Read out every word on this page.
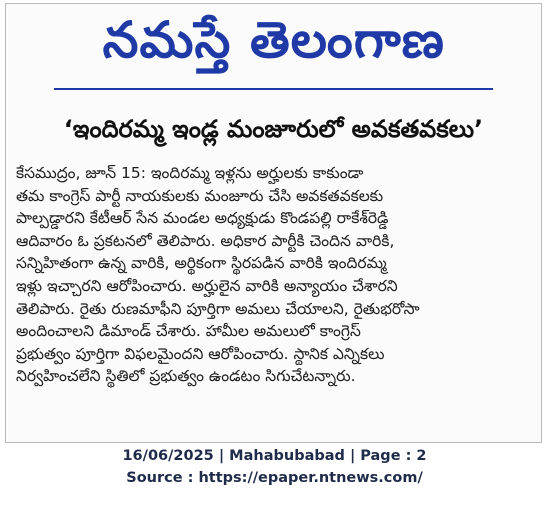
నమస్తే తెలంగాణ
‘ఇందిరమ్మ ఇండ్ల మంజూరులో అవకతవకలు’
కేసముద్రం, జూన్ 15: ఇందిరమ్మ ఇళ్లను అర్హులకు కాకుండా
తమ కాంగ్రెస్ పార్టీ నాయకులకు మంజూరు చేసి అవకతవకలకు
పాల్పడ్డారని కేటీఆర్ సేన మండల అధ్యక్షుడు కొండపల్లి రాకేశ్‌రెడ్డి
ఆదివారం ఓ ప్రకటనలో తెలిపారు. అధికార పార్టీకి చెందిన వారికి,
సన్నిహితంగా ఉన్న వారికి, అర్థికంగా స్థిరపడిన వారికి ఇందిరమ్మ
ఇళ్లు ఇచ్చారని ఆరోపించారు. అర్హులైన వారికి అన్యాయం చేశారని
తెలిపారు. రైతు రుణమాఫీని పూర్తిగా అమలు చేయాలని, రైతుభరోసా
అందించాలని డిమాండ్ చేశారు. హామీల అమలులో కాంగ్రెస్
ప్రభుత్వం పూర్తిగా విఫలమైందని ఆరోపించారు. స్థానిక ఎన్నికలు
నిర్వహించలేని స్థితిలో ప్రభుత్వం ఉండటం సిగుచేటన్నారు.
16/06/2025 | Mahabubabad | Page : 2
Source : https://epaper.ntnews.com/
